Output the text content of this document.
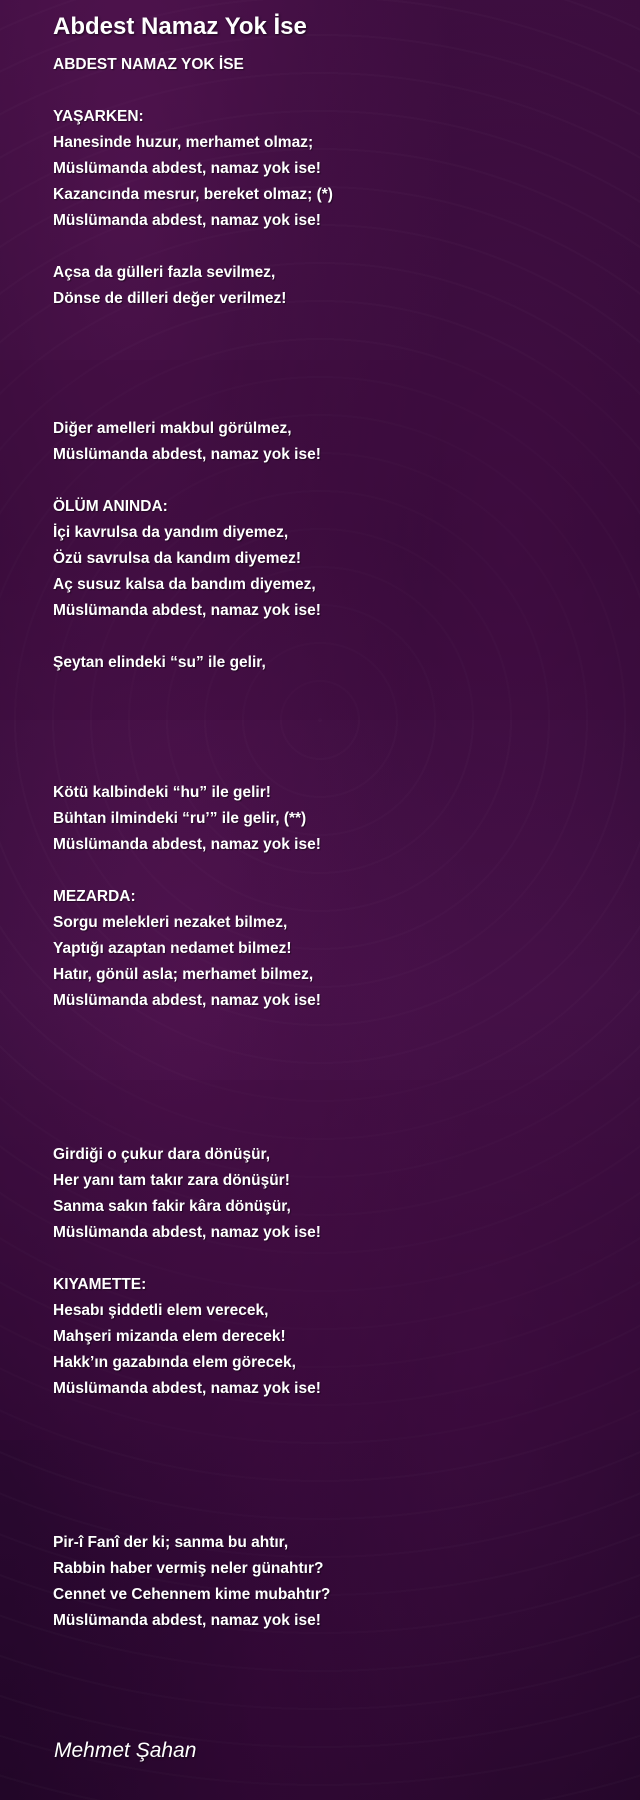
Abdest Namaz Yok İse
ABDEST NAMAZ YOK İSE
YAŞARKEN:
Hanesinde huzur, merhamet olmaz;
Müslümanda abdest, namaz yok ise!
Kazancında mesrur, bereket olmaz; (*)
Müslümanda abdest, namaz yok ise!
Açsa da gülleri fazla sevilmez,
Dönse de dilleri değer verilmez!
Diğer amelleri makbul görülmez,
Müslümanda abdest, namaz yok ise!
ÖLÜM ANINDA:
İçi kavrulsa da yandım diyemez,
Özü savrulsa da kandım diyemez!
Aç susuz kalsa da bandım diyemez,
Müslümanda abdest, namaz yok ise!
Şeytan elindeki “su” ile gelir,
Kötü kalbindeki “hu” ile gelir!
Bühtan ilmindeki “ru’” ile gelir, (**)
Müslümanda abdest, namaz yok ise!
MEZARDA:
Sorgu melekleri nezaket bilmez,
Yaptığı azaptan nedamet bilmez!
Hatır, gönül asla; merhamet bilmez,
Müslümanda abdest, namaz yok ise!
Girdiği o çukur dara dönüşür,
Her yanı tam takır zara dönüşür!
Sanma sakın fakir kâra dönüşür,
Müslümanda abdest, namaz yok ise!
KIYAMETTE:
Hesabı şiddetli elem verecek,
Mahşeri mizanda elem derecek!
Hakk’ın gazabında elem görecek,
Müslümanda abdest, namaz yok ise!
Pir-î Fanî der ki; sanma bu ahtır,
Rabbin haber vermiş neler günahtır?
Cennet ve Cehennem kime mubahtır?
Müslümanda abdest, namaz yok ise!
Mehmet Şahan
